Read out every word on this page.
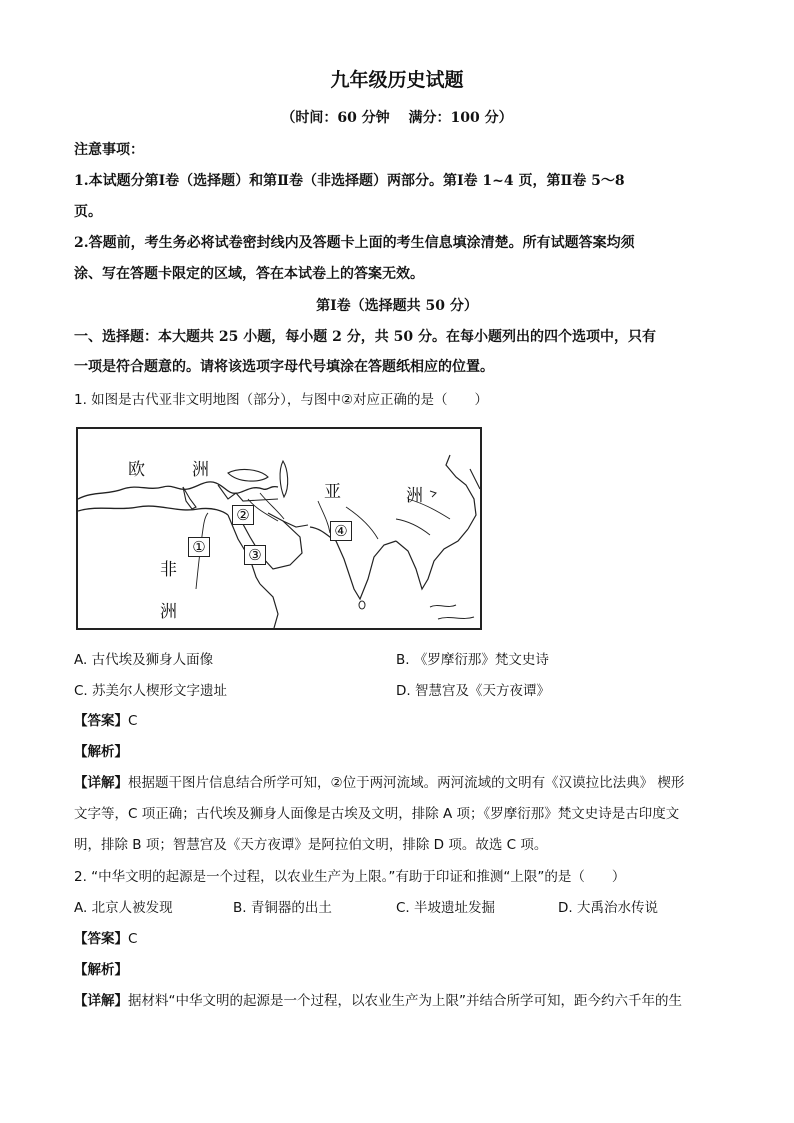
九年级历史试题
（时间：60 分钟　 满分：100 分）
注意事项：
1.本试题分第Ⅰ卷（选择题）和第Ⅱ卷（非选择题）两部分。第Ⅰ卷 1~4 页，第Ⅱ卷 5～8
页。
2.答题前，考生务必将试卷密封线内及答题卡上面的考生信息填涂清楚。所有试题答案均须
涂、写在答题卡限定的区域，答在本试卷上的答案无效。
第Ⅰ卷（选择题共 50 分）
一、选择题：本大题共 25 小题，每小题 2 分，共 50 分。在每小题列出的四个选项中，只有
一项是符合题意的。请将该选项字母代号填涂在答题纸相应的位置。
1. 如图是古代亚非文明地图（部分），与图中②对应正确的是（　　）
欧	洲
亚	洲
非
洲
①
②
③
④
A. 古代埃及狮身人面像	B. 《罗摩衍那》梵文史诗
C. 苏美尔人楔形文字遗址	D. 智慧宫及《天方夜谭》
【答案】C
【解析】
【详解】根据题干图片信息结合所学可知，②位于两河流域。两河流域的文明有《汉谟拉比法典》 楔形
文字等，C 项正确；古代埃及狮身人面像是古埃及文明，排除 A 项；《罗摩衍那》梵文史诗是古印度文
明，排除 B 项；智慧宫及《天方夜谭》是阿拉伯文明，排除 D 项。故选 C 项。
2. “中华文明的起源是一个过程，以农业生产为上限。”有助于印证和推测“上限”的是（　　）
A. 北京人被发现	B. 青铜器的出土	C. 半坡遗址发掘	D. 大禹治水传说
【答案】C
【解析】
【详解】据材料“中华文明的起源是一个过程，以农业生产为上限”并结合所学可知，距今约六千年的生
